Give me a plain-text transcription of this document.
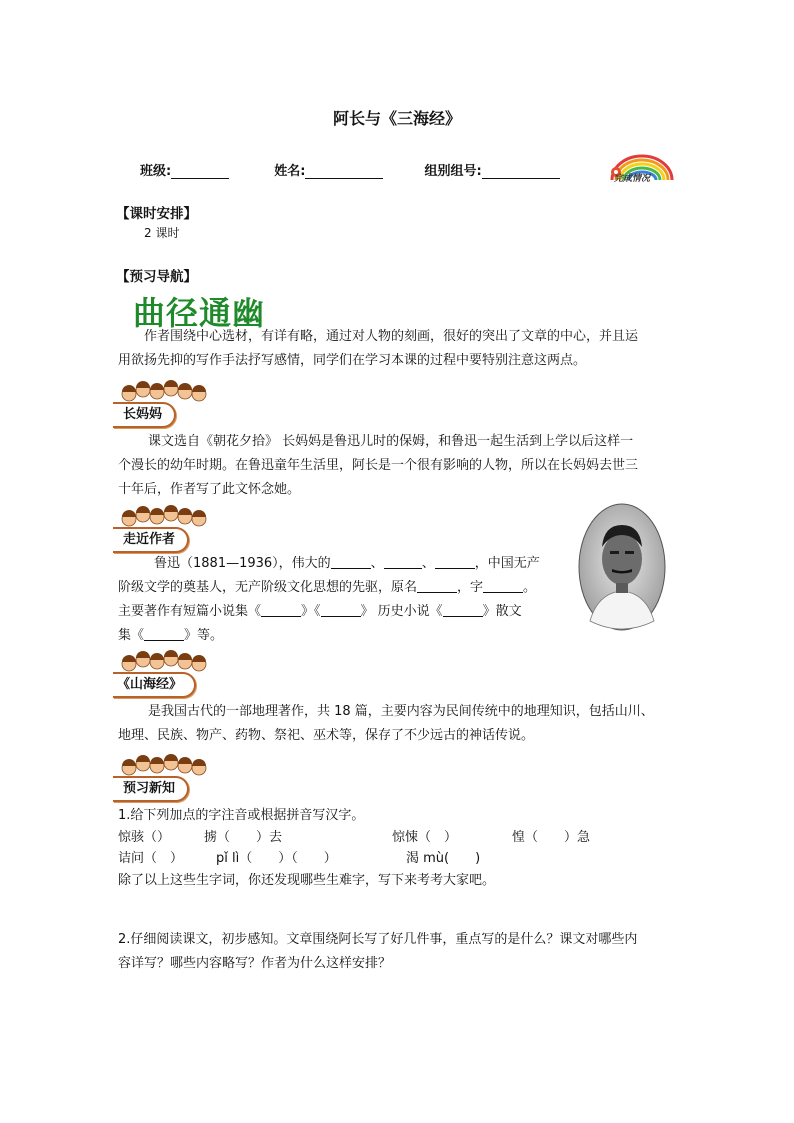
阿长与《三海经》
班级:	姓名:	组别组号:	完成情况
【课时安排】
2 课时
【预习导航】
曲径通幽
作者围绕中心选材，有详有略，通过对人物的刻画，很好的突出了文章的中心，并且运
用欲扬先抑的写作手法抒写感情，同学们在学习本课的过程中要特别注意这两点。
长妈妈
课文选自《朝花夕拾》 长妈妈是鲁迅儿时的保姆，和鲁迅一起生活到上学以后这样一
个漫长的幼年时期。在鲁迅童年生活里，阿长是一个很有影响的人物，所以在长妈妈去世三
十年后，作者写了此文怀念她。
走近作者
鲁迅（1881—1936），伟大的	、	、	，中国无产
阶级文学的奠基人，无产阶级文化思想的先驱，原名	，字	。
主要著作有短篇小说集《	》《	》 历史小说《	》散文
集《	》等。
《山海经》
是我国古代的一部地理著作，共 18 篇，主要内容为民间传统中的地理知识，包括山川、
地理、民族、物产、药物、祭祀、巫术等，保存了不少远古的神话传说。
预习新知
1.给下列加点的字注音或根据拼音写汉字。
惊骇（）	掳（　　）去	惊悚（　）	惶（　　）急
诘问（　）	pǐ lì（　　）（　　）	渴 mù(　　)
除了以上这些生字词，你还发现哪些生难字，写下来考考大家吧。
2.仔细阅读课文，初步感知。文章围绕阿长写了好几件事，重点写的是什么？课文对哪些内
容详写？哪些内容略写？作者为什么这样安排？
